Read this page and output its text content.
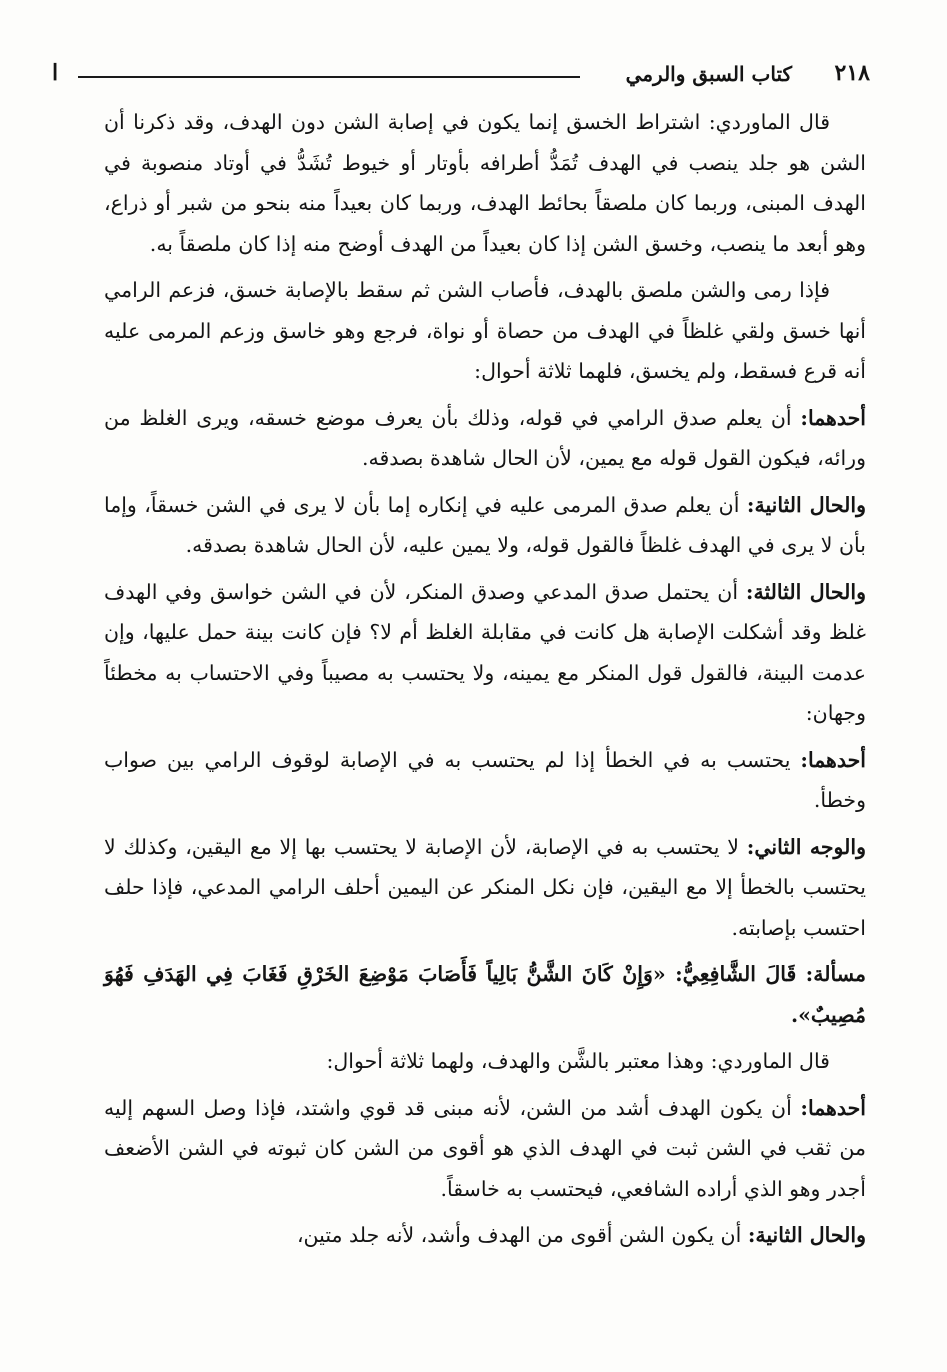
٢١٨
كتاب السبق والرمي
ا

قال الماوردي: اشتراط الخسق إنما يكون في إصابة الشن دون الهدف، وقد ذكرنا أن الشن هو جلد ينصب في الهدف تُمَدُّ أطرافه بأوتار أو خيوط تُشَدُّ في أوتاد منصوبة في الهدف المبنى، وربما كان ملصقاً بحائط الهدف، وربما كان بعيداً منه بنحو من شبر أو ذراع، وهو أبعد ما ينصب، وخسق الشن إذا كان بعيداً من الهدف أوضح منه إذا كان ملصقاً به.

فإذا رمى والشن ملصق بالهدف، فأصاب الشن ثم سقط بالإصابة خسق، فزعم الرامي أنها خسق ولقي غلظاً في الهدف من حصاة أو نواة، فرجع وهو خاسق وزعم المرمى عليه أنه قرع فسقط، ولم يخسق، فلهما ثلاثة أحوال:

أحدهما: أن يعلم صدق الرامي في قوله، وذلك بأن يعرف موضع خسقه، ويرى الغلظ من ورائه، فيكون القول قوله مع يمين، لأن الحال شاهدة بصدقه.

والحال الثانية: أن يعلم صدق المرمى عليه في إنكاره إما بأن لا يرى في الشن خسقاً، وإما بأن لا يرى في الهدف غلظاً فالقول قوله، ولا يمين عليه، لأن الحال شاهدة بصدقه.

والحال الثالثة: أن يحتمل صدق المدعي وصدق المنكر، لأن في الشن خواسق وفي الهدف غلظ وقد أشكلت الإصابة هل كانت في مقابلة الغلظ أم لا؟ فإن كانت بينة حمل عليها، وإن عدمت البينة، فالقول قول المنكر مع يمينه، ولا يحتسب به مصيباً وفي الاحتساب به مخطئاً وجهان:

أحدهما: يحتسب به في الخطأ إذا لم يحتسب به في الإصابة لوقوف الرامي بين صواب وخطأ.

والوجه الثاني: لا يحتسب به في الإصابة، لأن الإصابة لا يحتسب بها إلا مع اليقين، وكذلك لا يحتسب بالخطأ إلا مع اليقين، فإن نكل المنكر عن اليمين أحلف الرامي المدعي، فإذا حلف احتسب بإصابته.

مسألة: قَالَ الشَّافِعِيُّ: «وَإِنْ كَانَ الشَّنُّ بَالِياً فَأَصَابَ مَوْضِعَ الخَرْقِ فَغَابَ فِي الهَدَفِ فَهُوَ مُصِيبٌ».

قال الماوردي: وهذا معتبر بالشَّن والهدف، ولهما ثلاثة أحوال:

أحدهما: أن يكون الهدف أشد من الشن، لأنه مبنى قد قوي واشتد، فإذا وصل السهم إليه من ثقب في الشن ثبت في الهدف الذي هو أقوى من الشن كان ثبوته في الشن الأضعف أجدر وهو الذي أراده الشافعي، فيحتسب به خاسقاً.

والحال الثانية: أن يكون الشن أقوى من الهدف وأشد، لأنه جلد متين،
